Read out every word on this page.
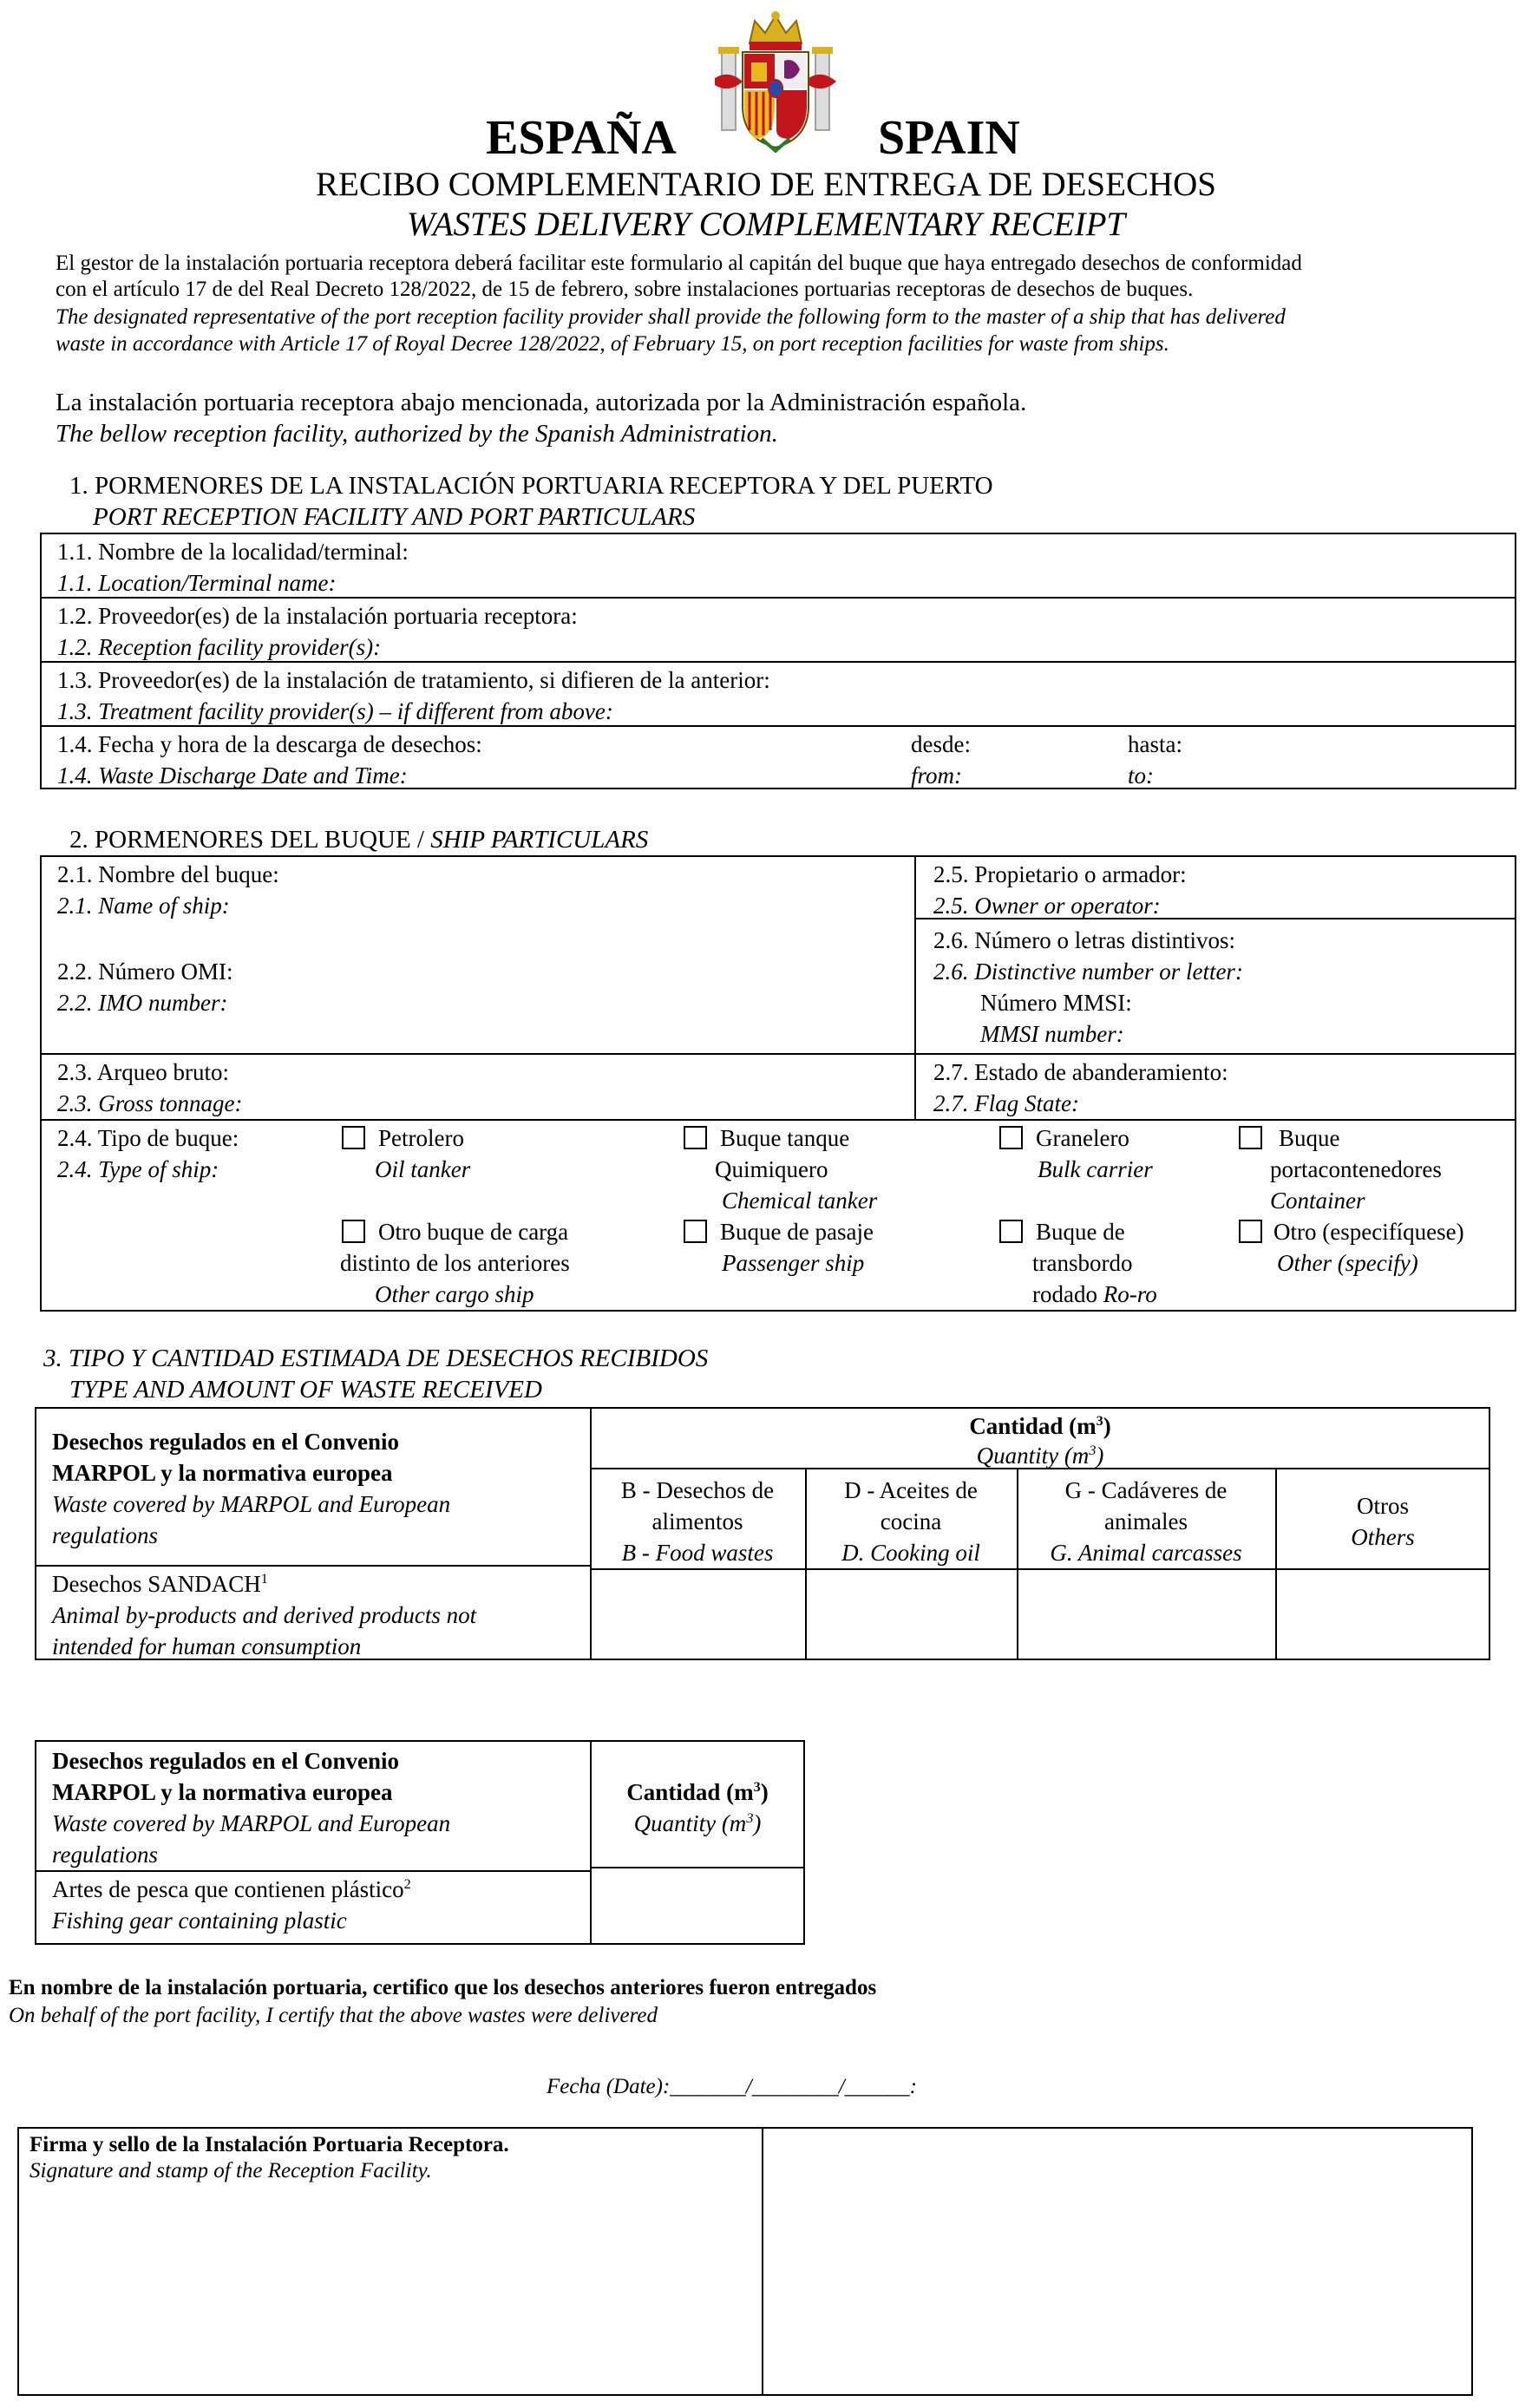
ESPAÑA	SPAIN
RECIBO COMPLEMENTARIO DE ENTREGA DE DESECHOS
WASTES DELIVERY COMPLEMENTARY RECEIPT
El gestor de la instalación portuaria receptora deberá facilitar este formulario al capitán del buque que haya entregado desechos de conformidad
con el artículo 17 de del Real Decreto 128/2022, de 15 de febrero, sobre instalaciones portuarias receptoras de desechos de buques.
The designated representative of the port reception facility provider shall provide the following form to the master of a ship that has delivered
waste in accordance with Article 17 of Royal Decree 128/2022, of February 15, on port reception facilities for waste from ships.
La instalación portuaria receptora abajo mencionada, autorizada por la Administración española.
The bellow reception facility, authorized by the Spanish Administration.
1. PORMENORES DE LA INSTALACIÓN PORTUARIA RECEPTORA Y DEL PUERTO
PORT RECEPTION FACILITY AND PORT PARTICULARS
1.1. Nombre de la localidad/terminal:
1.1. Location/Terminal name:
1.2. Proveedor(es) de la instalación portuaria receptora:
1.2. Reception facility provider(s):
1.3. Proveedor(es) de la instalación de tratamiento, si difieren de la anterior:
1.3. Treatment facility provider(s) – if different from above:
1.4. Fecha y hora de la descarga de desechos:
1.4. Waste Discharge Date and Time:
desde:
from:
hasta:
to:
2. PORMENORES DEL BUQUE / SHIP PARTICULARS
2.1. Nombre del buque:
2.1. Name of ship:
2.2. Número OMI:
2.2. IMO number:
2.3. Arqueo bruto:
2.3. Gross tonnage:
2.5. Propietario o armador:
2.5. Owner or operator:
2.6. Número o letras distintivos:
2.6. Distinctive number or letter:
Número MMSI:
MMSI number:
2.7. Estado de abanderamiento:
2.7. Flag State:
2.4. Tipo de buque:
2.4. Type of ship:
Petrolero
Oil tanker
Buque tanque
Quimiquero
Chemical tanker
Granelero
Bulk carrier
Buque
portacontenedores
Container
Otro buque de carga
distinto de los anteriores
Other cargo ship
Buque de pasaje
Passenger ship
Buque de
transbordo
rodado Ro-ro
Otro (especifíquese)
Other (specify)
3. TIPO Y CANTIDAD ESTIMADA DE DESECHOS RECIBIDOS
TYPE AND AMOUNT OF WASTE RECEIVED
Desechos regulados en el Convenio
MARPOL y la normativa europea
Waste covered by MARPOL and European
regulations
Cantidad $(m^3)$
Quantity $(m^3)$
B - Desechos de
alimentos
B - Food wastes
D - Aceites de
cocina
D. Cooking oil
G - Cadáveres de
animales
G. Animal carcasses
Otros
Others
Desechos SANDACH$^1$
Animal by-products and derived products not
intended for human consumption
Desechos regulados en el Convenio
MARPOL y la normativa europea
Waste covered by MARPOL and European
regulations
Cantidad $(m^3)$
Quantity $(m^3)$
Artes de pesca que contienen plástico$^2$
Fishing gear containing plastic
En nombre de la instalación portuaria, certifico que los desechos anteriores fueron entregados
On behalf of the port facility, I certify that the above wastes were delivered
Fecha (Date):_______/________/______:
Firma y sello de la Instalación Portuaria Receptora.
Signature and stamp of the Reception Facility.
